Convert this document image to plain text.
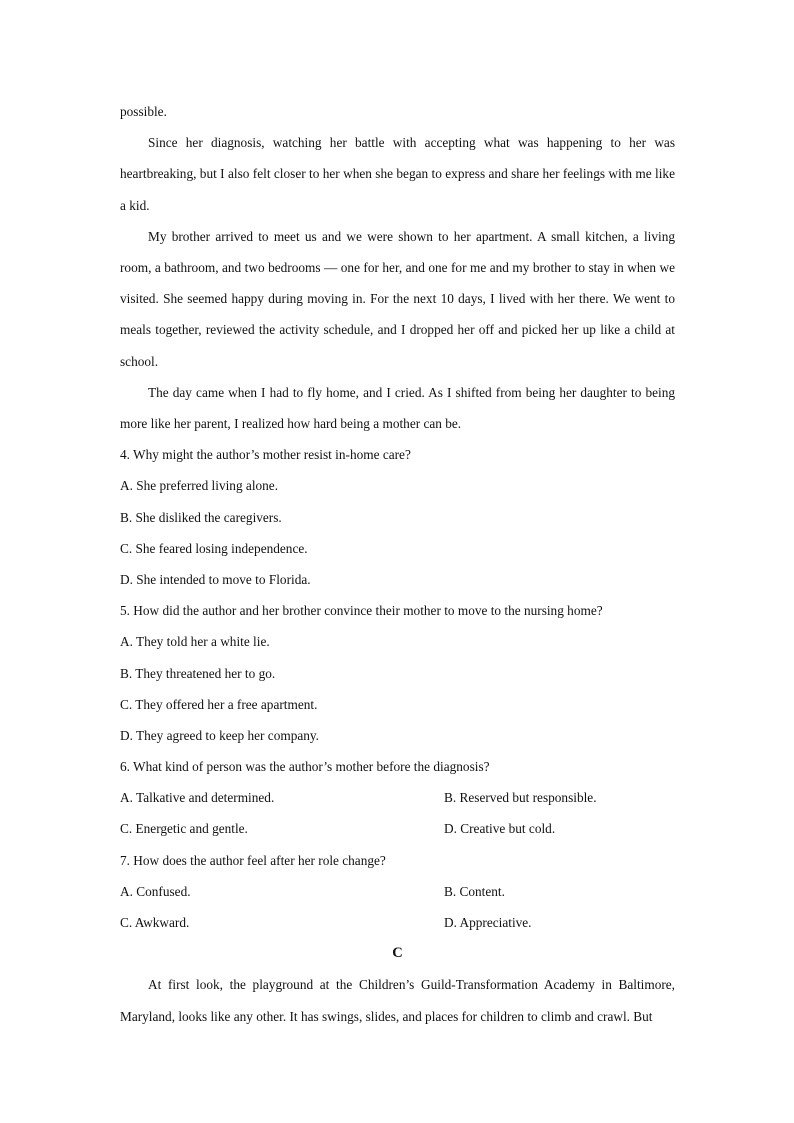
possible.
Since her diagnosis, watching her battle with accepting what was happening to her was heartbreaking, but I also felt closer to her when she began to express and share her feelings with me like a kid.
My brother arrived to meet us and we were shown to her apartment. A small kitchen, a living room, a bathroom, and two bedrooms — one for her, and one for me and my brother to stay in when we visited. She seemed happy during moving in. For the next 10 days, I lived with her there. We went to meals together, reviewed the activity schedule, and I dropped her off and picked her up like a child at school.
The day came when I had to fly home, and I cried. As I shifted from being her daughter to being more like her parent, I realized how hard being a mother can be.
4. Why might the author’s mother resist in-home care?
A. She preferred living alone.
B. She disliked the caregivers.
C. She feared losing independence.
D. She intended to move to Florida.
5. How did the author and her brother convince their mother to move to the nursing home?
A. They told her a white lie.
B. They threatened her to go.
C. They offered her a free apartment.
D. They agreed to keep her company.
6. What kind of person was the author’s mother before the diagnosis?
A. Talkative and determined.	B. Reserved but responsible.
C. Energetic and gentle.	D. Creative but cold.
7. How does the author feel after her role change?
A. Confused.	B. Content.
C. Awkward.	D. Appreciative.
C
At first look, the playground at the Children’s Guild-Transformation Academy in Baltimore, Maryland, looks like any other. It has swings, slides, and places for children to climb and crawl. But
